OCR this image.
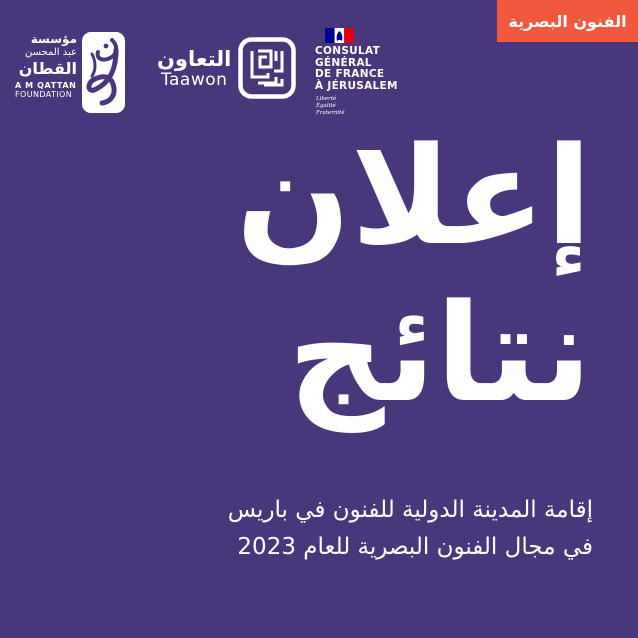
الفنون البصرية
مؤسسة
عبد المحسن
القطان
A M QATTAN
FOUNDATION
التعاون
Taawon
CONSULAT
GÉNÉRAL
DE FRANCE
À JÉRUSALEM
Liberté
Égalité
Fraternité
إعلان
نتائج
إقامة المدينة الدولية للفنون في باريس
في مجال الفنون البصرية للعام 2023
